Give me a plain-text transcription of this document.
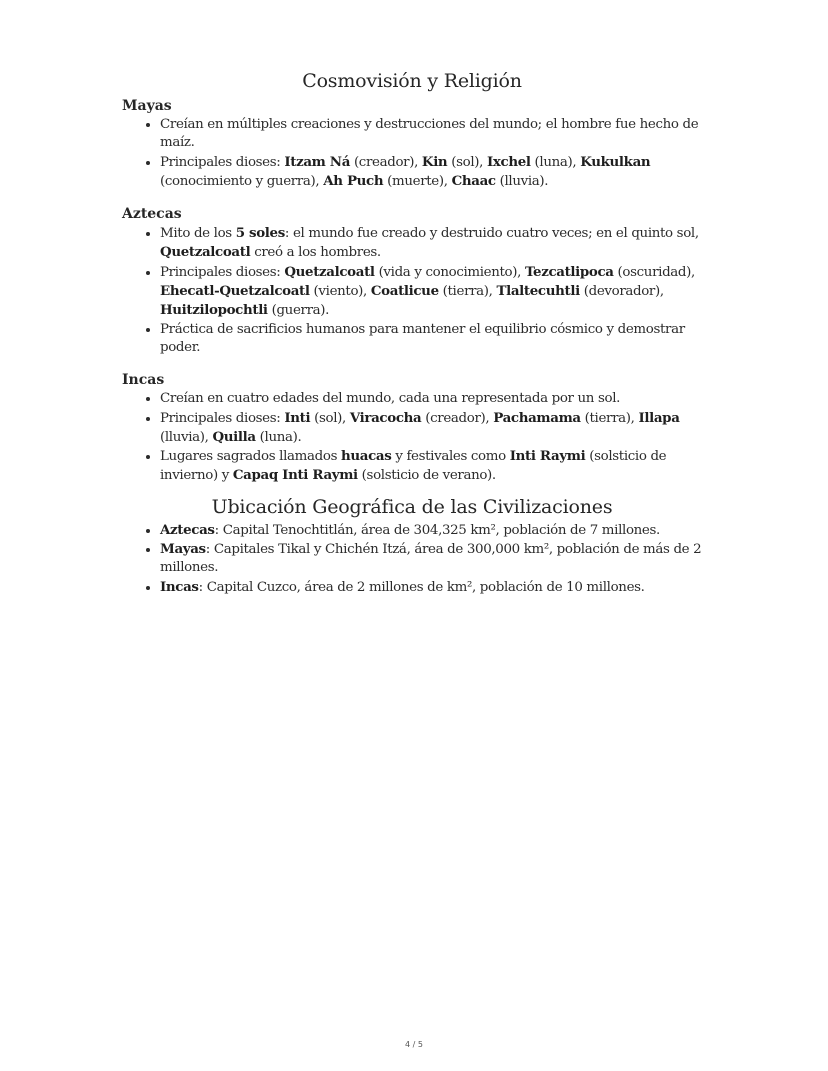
Cosmovisión y Religión
Mayas
• Creían en múltiples creaciones y destrucciones del mundo; el hombre fue hecho de maíz.
• Principales dioses: Itzam Ná (creador), Kin (sol), Ixchel (luna), Kukulkan (conocimiento y guerra), Ah Puch (muerte), Chaac (lluvia).
Aztecas
• Mito de los 5 soles: el mundo fue creado y destruido cuatro veces; en el quinto sol, Quetzalcoatl creó a los hombres.
• Principales dioses: Quetzalcoatl (vida y conocimiento), Tezcatlipoca (oscuridad), Ehecatl-Quetzalcoatl (viento), Coatlicue (tierra), Tlaltecuhtli (devorador), Huitzilopochtli (guerra).
• Práctica de sacrificios humanos para mantener el equilibrio cósmico y demostrar poder.
Incas
• Creían en cuatro edades del mundo, cada una representada por un sol.
• Principales dioses: Inti (sol), Viracocha (creador), Pachamama (tierra), Illapa (lluvia), Quilla (luna).
• Lugares sagrados llamados huacas y festivales como Inti Raymi (solsticio de invierno) y Capaq Inti Raymi (solsticio de verano).
Ubicación Geográfica de las Civilizaciones
• Aztecas: Capital Tenochtitlán, área de 304,325 km², población de 7 millones.
• Mayas: Capitales Tikal y Chichén Itzá, área de 300,000 km², población de más de 2 millones.
• Incas: Capital Cuzco, área de 2 millones de km², población de 10 millones.
4 / 5
